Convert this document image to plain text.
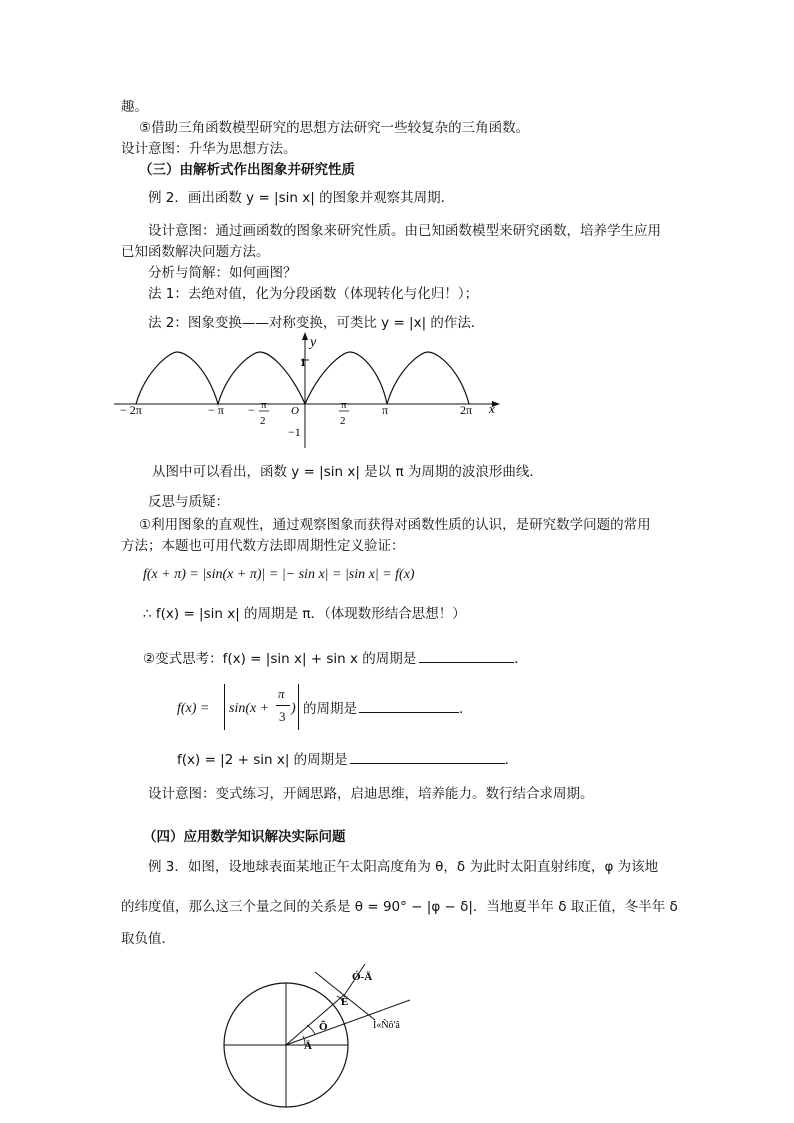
趣。
⑤借助三角函数模型研究的思想方法研究一些较复杂的三角函数。
设计意图：升华为思想方法。
（三）由解析式作出图象并研究性质
例 2．画出函数 y = |sin x| 的图象并观察其周期．
设计意图：通过画函数的图象来研究性质。由已知函数模型来研究函数，培养学生应用
已知函数解决问题方法。
分析与简解：如何画图？
法 1：去绝对值，化为分段函数（体现转化与化归！）；
法 2：图象变换——对称变换，可类比 y = |x| 的作法．
y
x
1
−1
O
− 2π	− π − π
2
π
2
π	2π
从图中可以看出，函数 y = |sin x| 是以 π 为周期的波浪形曲线．
反思与质疑：
①利用图象的直观性，通过观察图象而获得对函数性质的认识，是研究数学问题的常用
方法；本题也可用代数方法即周期性定义验证：
f(x + π) = |sin(x + π)| = |− sin x| = |sin x| = f(x)
∴ f(x) = |sin x| 的周期是 π．（体现数形结合思想！）
②变式思考：f(x) = |sin x| + sin x 的周期是	．
f(x) = sin(x +
π
3
) 的周期是	．
f(x) = |2 + sin x| 的周期是	．
设计意图：变式练习，开阔思路，启迪思维，培养能力。数行结合求周期。
（四）应用数学知识解决实际问题
例 3．如图，设地球表面某地正午太阳高度角为 θ，δ 为此时太阳直射纬度，φ 为该地
的纬度值，那么这三个量之间的关系是 θ = 90° − |φ − δ|．当地夏半年 δ 取正值，冬半年 δ
取负值．
Ó-Ä
È
Õ
Ä
Ì«Ñô'â
